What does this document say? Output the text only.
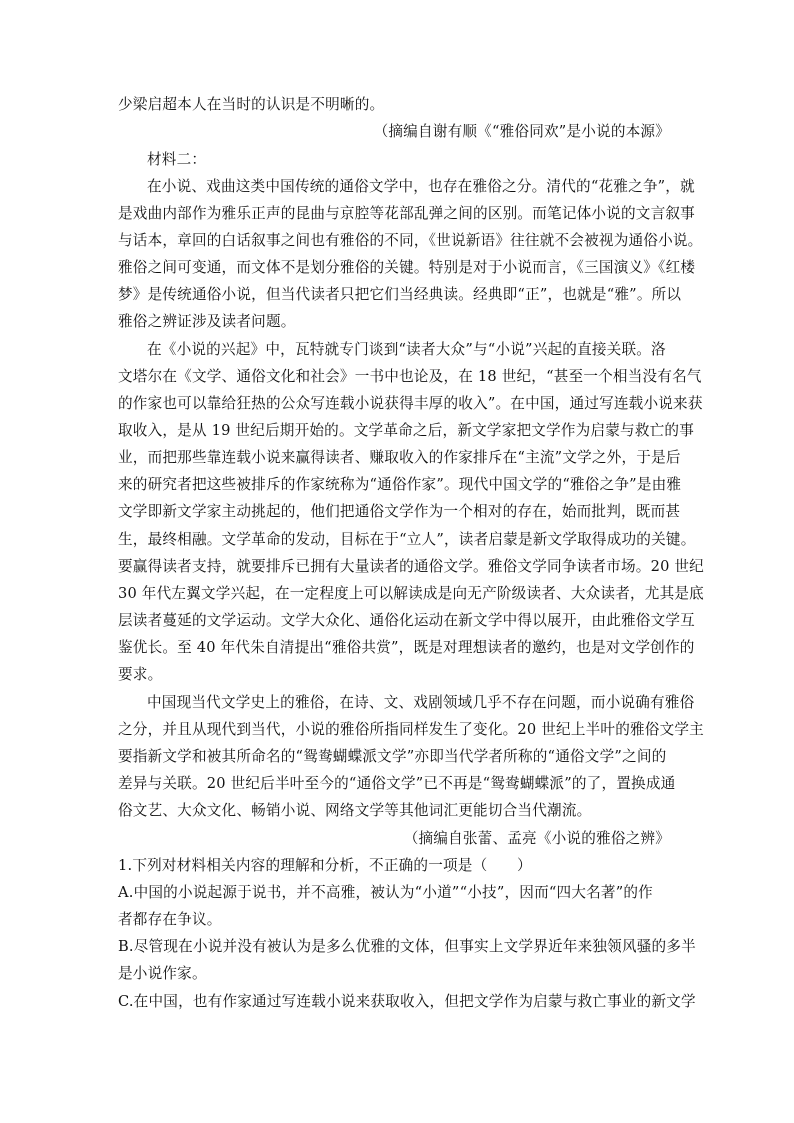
少梁启超本人在当时的认识是不明晰的。
（摘编自谢有顺《“雅俗同欢”是小说的本源》
材料二：
在小说、戏曲这类中国传统的通俗文学中，也存在雅俗之分。清代的“花雅之争”，就
是戏曲内部作为雅乐正声的昆曲与京腔等花部乱弹之间的区别。而笔记体小说的文言叙事
与话本，章回的白话叙事之间也有雅俗的不同，《世说新语》往往就不会被视为通俗小说。
雅俗之间可变通，而文体不是划分雅俗的关键。特别是对于小说而言，《三国演义》《红楼
梦》是传统通俗小说，但当代读者只把它们当经典读。经典即“正”，也就是“雅”。所以
雅俗之辨证涉及读者问题。
在《小说的兴起》中，瓦特就专门谈到“读者大众”与“小说”兴起的直接关联。洛
文塔尔在《文学、通俗文化和社会》一书中也论及，在 18 世纪，“甚至一个相当没有名气
的作家也可以靠给狂热的公众写连载小说获得丰厚的收入”。在中国，通过写连载小说来获
取收入，是从 19 世纪后期开始的。文学革命之后，新文学家把文学作为启蒙与救亡的事
业，而把那些靠连载小说来赢得读者、赚取收入的作家排斥在“主流”文学之外，于是后
来的研究者把这些被排斥的作家统称为“通俗作家”。现代中国文学的“雅俗之争”是由雅
文学即新文学家主动挑起的，他们把通俗文学作为一个相对的存在，始而批判，既而甚
生，最终相融。文学革命的发动，目标在于“立人”，读者启蒙是新文学取得成功的关键。
要赢得读者支持，就要排斥已拥有大量读者的通俗文学。雅俗文学同争读者市场。20 世纪
30 年代左翼文学兴起，在一定程度上可以解读成是向无产阶级读者、大众读者，尤其是底
层读者蔓延的文学运动。文学大众化、通俗化运动在新文学中得以展开，由此雅俗文学互
鉴优长。至 40 年代朱自清提出“雅俗共赏”，既是对理想读者的邀约，也是对文学创作的
要求。
中国现当代文学史上的雅俗，在诗、文、戏剧领域几乎不存在问题，而小说确有雅俗
之分，并且从现代到当代，小说的雅俗所指同样发生了变化。20 世纪上半叶的雅俗文学主
要指新文学和被其所命名的“鸳鸯蝴蝶派文学”亦即当代学者所称的“通俗文学”之间的
差异与关联。20 世纪后半叶至今的“通俗文学”已不再是“鸳鸯蝴蝶派”的了，置换成通
俗文艺、大众文化、畅销小说、网络文学等其他词汇更能切合当代潮流。
（摘编自张蕾、孟亮《小说的雅俗之辨》
1.下列对材料相关内容的理解和分析，不正确的一项是（　　）
A.中国的小说起源于说书，并不高雅，被认为“小道”“小技”，因而“四大名著”的作
者都存在争议。
B.尽管现在小说并没有被认为是多么优雅的文体，但事实上文学界近年来独领风骚的多半
是小说作家。
C.在中国，也有作家通过写连载小说来获取收入，但把文学作为启蒙与救亡事业的新文学
